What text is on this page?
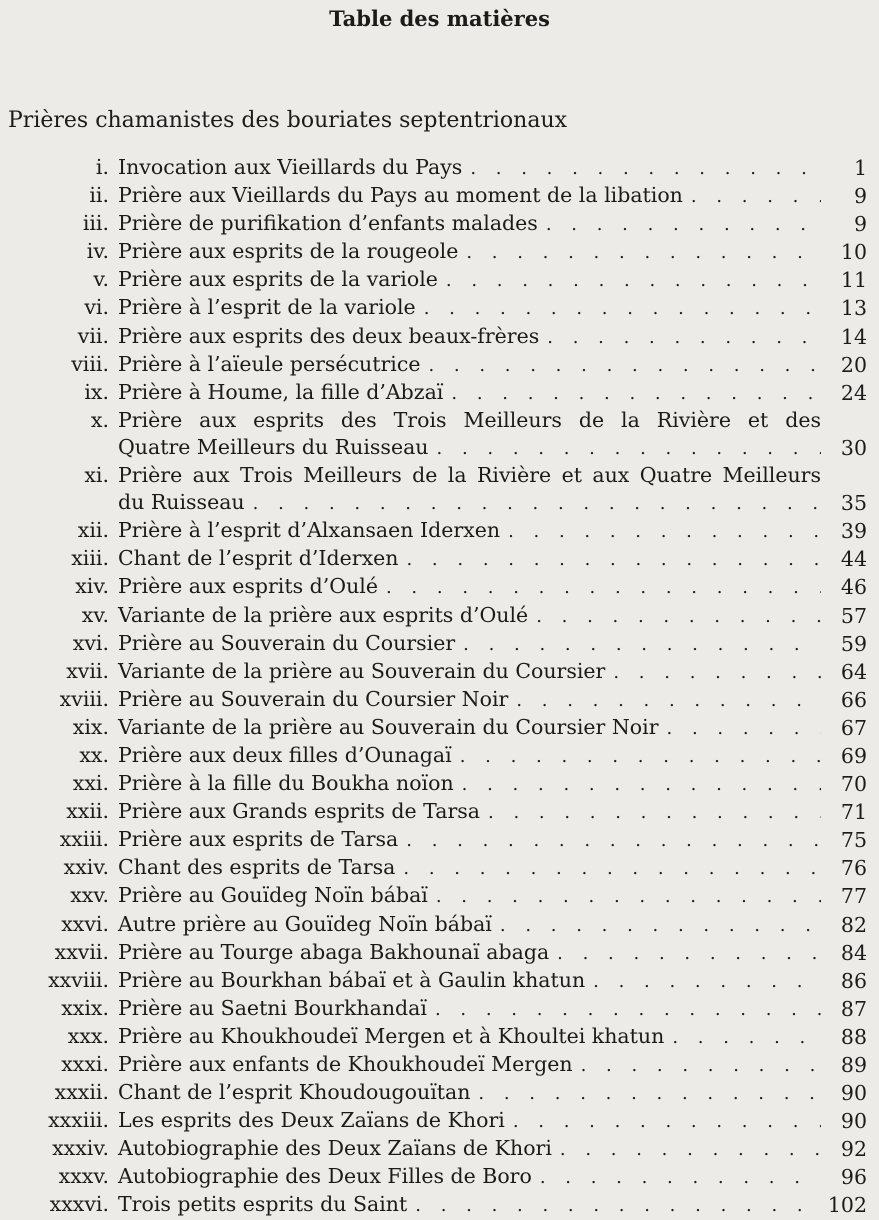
Table des matières
Prières chamanistes des bouriates septentrionaux
i. Invocation aux Vieillards du Pays . . .	1
ii. Prière aux Vieillards du Pays au moment de la libation . . .	9
iii. Prière de purifikation d’enfants malades . . .	9
iv. Prière aux esprits de la rougeole . . .	10
v. Prière aux esprits de la variole . . .	11
vi. Prière à l’esprit de la variole . . .	13
vii. Prière aux esprits des deux beaux-frères . . .	14
viii. Prière à l’aïeule persécutrice . . .	20
ix. Prière à Houme, la fille d’Abzaï . . .	24
x. Prière aux esprits des Trois Meilleurs de la Rivière et des
Quatre Meilleurs du Ruisseau . . .	30
xi. Prière aux Trois Meilleurs de la Rivière et aux Quatre Meilleurs
du Ruisseau . . .	35
xii. Prière à l’esprit d’Alxansaen Iderxen . . .	39
xiii. Chant de l’esprit d’Iderxen . . .	44
xiv. Prière aux esprits d’Oulé . . .	46
xv. Variante de la prière aux esprits d’Oulé . . .	57
xvi. Prière au Souverain du Coursier . . .	59
xvii. Variante de la prière au Souverain du Coursier . . .	64
xviii. Prière au Souverain du Coursier Noir . . .	66
xix. Variante de la prière au Souverain du Coursier Noir . . .	67
xx. Prière aux deux filles d’Ounagaï . . .	69
xxi. Prière à la fille du Boukha noïon . . .	70
xxii. Prière aux Grands esprits de Tarsa . . .	71
xxiii. Prière aux esprits de Tarsa . . .	75
xxiv. Chant des esprits de Tarsa . . .	76
xxv. Prière au Gouïdeg Noïn bábaï . . .	77
xxvi. Autre prière au Gouïdeg Noïn bábaï . . .	82
xxvii. Prière au Tourge abaga Bakhounaï abaga . . .	84
xxviii. Prière au Bourkhan bábaï et à Gaulin khatun . . .	86
xxix. Prière au Saetni Bourkhandaï . . .	87
xxx. Prière au Khoukhoudeï Mergen et à Khoultei khatun . . .	88
xxxi. Prière aux enfants de Khoukhoudeï Mergen . . .	89
xxxii. Chant de l’esprit Khoudougouïtan . . .	90
xxxiii. Les esprits des Deux Zaïans de Khori . . .	90
xxxiv. Autobiographie des Deux Zaïans de Khori . . .	92
xxxv. Autobiographie des Deux Filles de Boro . . .	96
xxxvi. Trois petits esprits du Saint . . .	102
